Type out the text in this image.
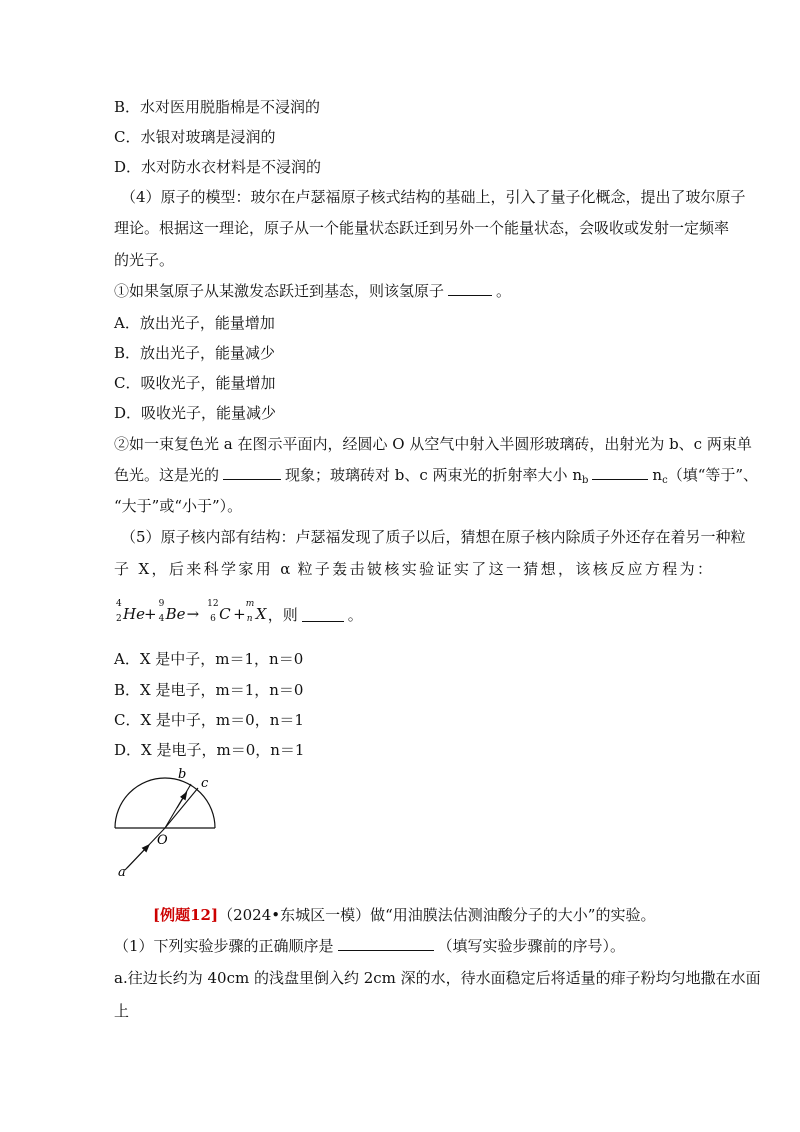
B．水对医用脱脂棉是不浸润的
C．水银对玻璃是浸润的
D．水对防水衣材料是不浸润的
（4）原子的模型：玻尔在卢瑟福原子核式结构的基础上，引入了量子化概念，提出了玻尔原子
理论。根据这一理论，原子从一个能量状态跃迁到另外一个能量状态，会吸收或发射一定频率
的光子。
①如果氢原子从某激发态跃迁到基态，则该氢原子	。
A．放出光子，能量增加
B．放出光子，能量减少
C．吸收光子，能量增加
D．吸收光子，能量减少
②如一束复色光 a 在图示平面内，经圆心 O 从空气中射入半圆形玻璃砖，出射光为 b、c 两束单
色光。这是光的	现象；玻璃砖对 b、c 两束光的折射率大小 $n_b$	$n_c$（填“等于”、
“大于”或“小于”）。
（5）原子核内部有结构：卢瑟福发现了质子以后，猜想在原子核内除质子外还存在着另一种粒
子 X，后来科学家用 α 粒子轰击铍核实验证实了这一猜想，该核反应方程为：
4
2 He +
9
4 Be →
12
6 C +
m
n X ，则	。
A．X 是中子，m＝1，n＝0
B．X 是电子，m＝1，n＝0
C．X 是中子，m＝0，n＝1
D．X 是电子，m＝0，n＝1
b
c
O
a
[例题12]（2024•东城区一模）做“用油膜法估测油酸分子的大小”的实验。
（1）下列实验步骤的正确顺序是	（填写实验步骤前的序号）。
a.往边长约为 40cm 的浅盘里倒入约 2cm 深的水，待水面稳定后将适量的痱子粉均匀地撒在水面
上
